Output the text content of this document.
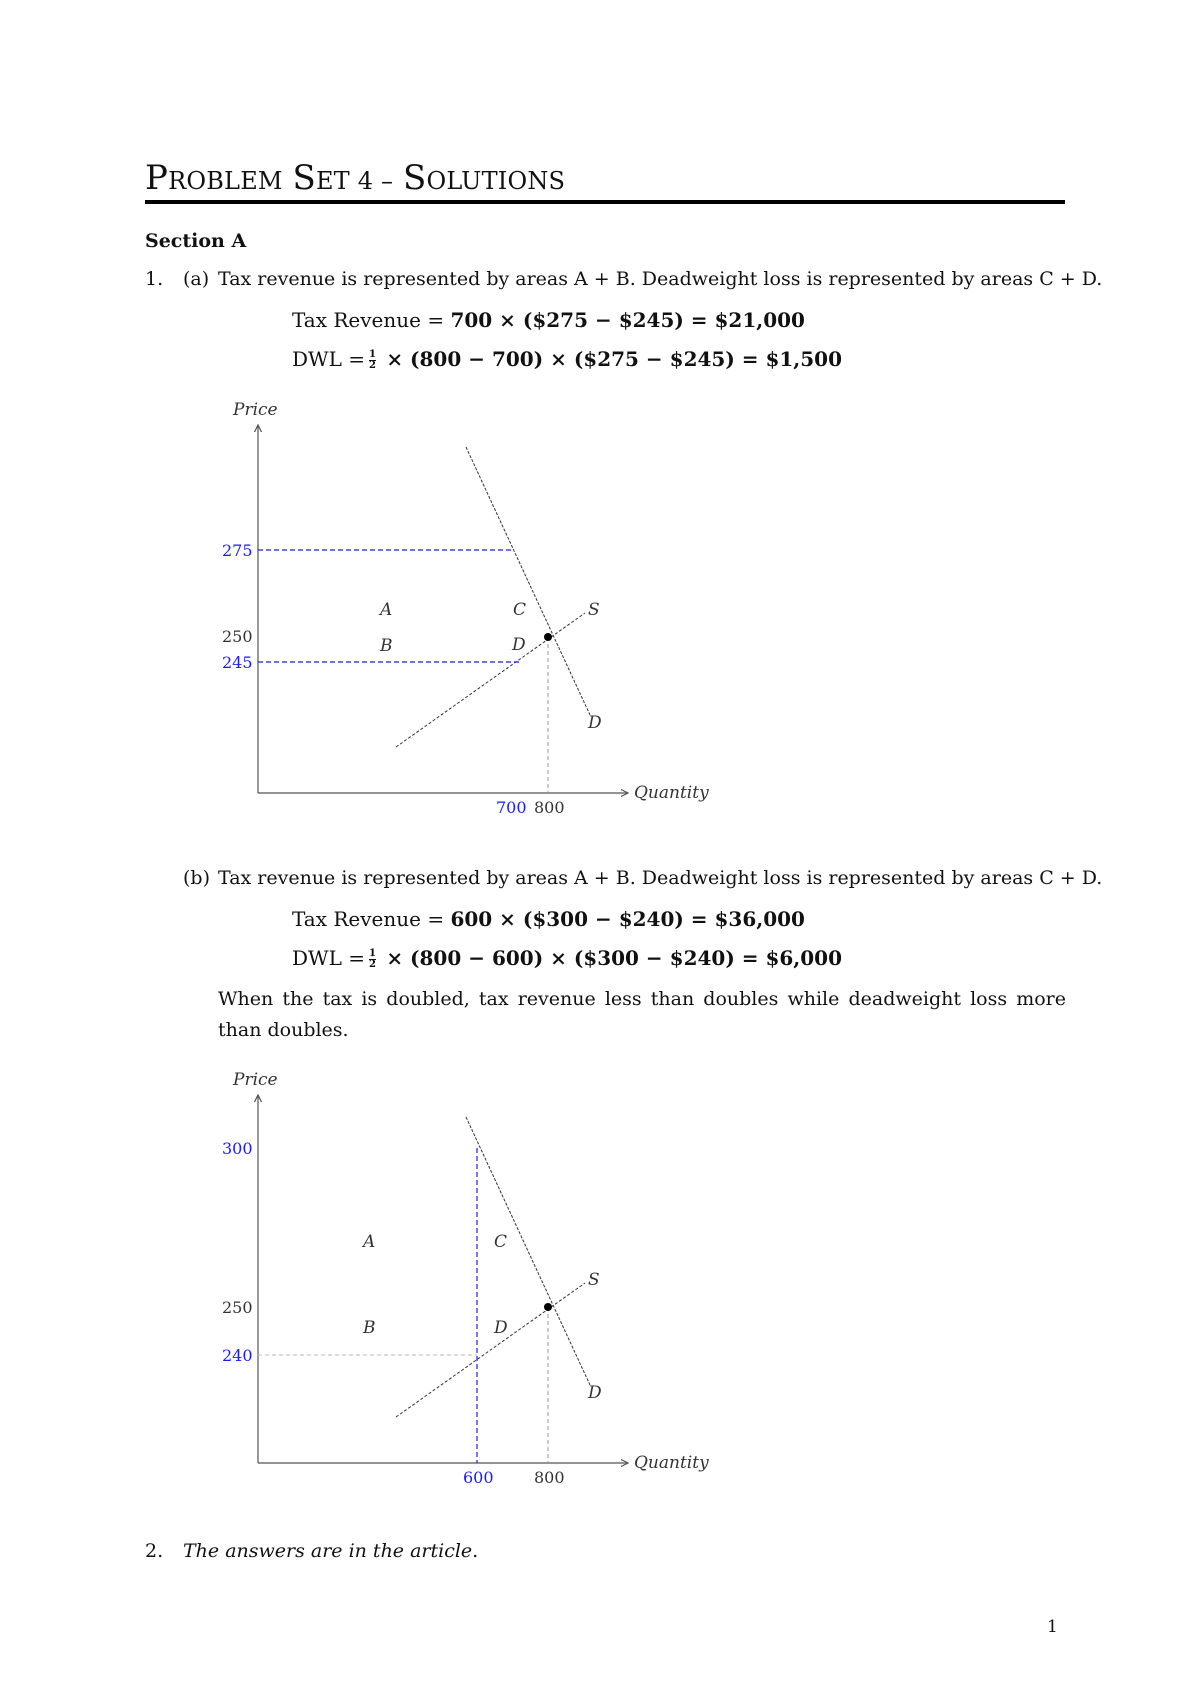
PROBLEM SET 4 – SOLUTIONS
Section A
1. (a) Tax revenue is represented by areas A + B. Deadweight loss is represented by areas C + D.
Tax Revenue = 700 × ($275 − $245) = $21,000
DWL = $\frac{1}{2} \times (800 - 700)$ × ($275 − $245) = $1,500
Price
Quantity
275
250
245
700 800
A
B
C
D
S
D
(b) Tax revenue is represented by areas A + B. Deadweight loss is represented by areas C + D.
Tax Revenue = 600 × ($300 − $240) = $36,000
DWL = $\frac{1}{2} \times (800 - 600)$ × ($300 − $240) = $6,000
When the tax is doubled, tax revenue less than doubles while deadweight loss more than doubles.
Price
Quantity
300
250
240
600	800
A
B
C
D
S
D
2. The answers are in the article.
1
